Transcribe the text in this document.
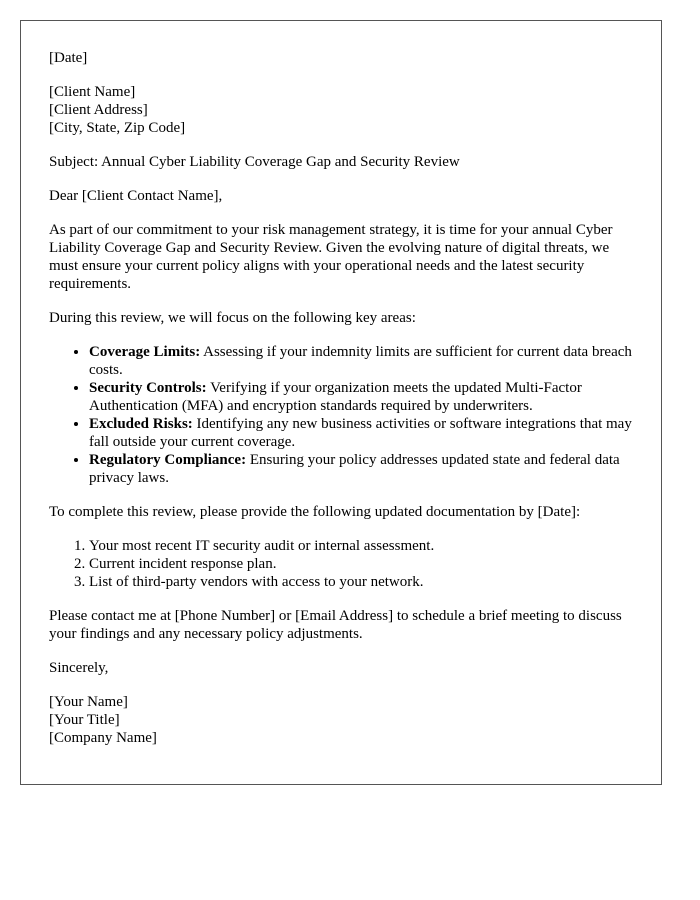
[Date]

[Client Name]
[Client Address]
[City, State, Zip Code]

Subject: Annual Cyber Liability Coverage Gap and Security Review

Dear [Client Contact Name],

As part of our commitment to your risk management strategy, it is time for your annual Cyber Liability Coverage Gap and Security Review. Given the evolving nature of digital threats, we must ensure your current policy aligns with your operational needs and the latest security requirements.

During this review, we will focus on the following key areas:

• Coverage Limits: Assessing if your indemnity limits are sufficient for current data breach costs.
• Security Controls: Verifying if your organization meets the updated Multi-Factor Authentication (MFA) and encryption standards required by underwriters.
• Excluded Risks: Identifying any new business activities or software integrations that may fall outside your current coverage.
• Regulatory Compliance: Ensuring your policy addresses updated state and federal data privacy laws.

To complete this review, please provide the following updated documentation by [Date]:

1. Your most recent IT security audit or internal assessment.
2. Current incident response plan.
3. List of third-party vendors with access to your network.

Please contact me at [Phone Number] or [Email Address] to schedule a brief meeting to discuss your findings and any necessary policy adjustments.

Sincerely,

[Your Name]
[Your Title]
[Company Name]
